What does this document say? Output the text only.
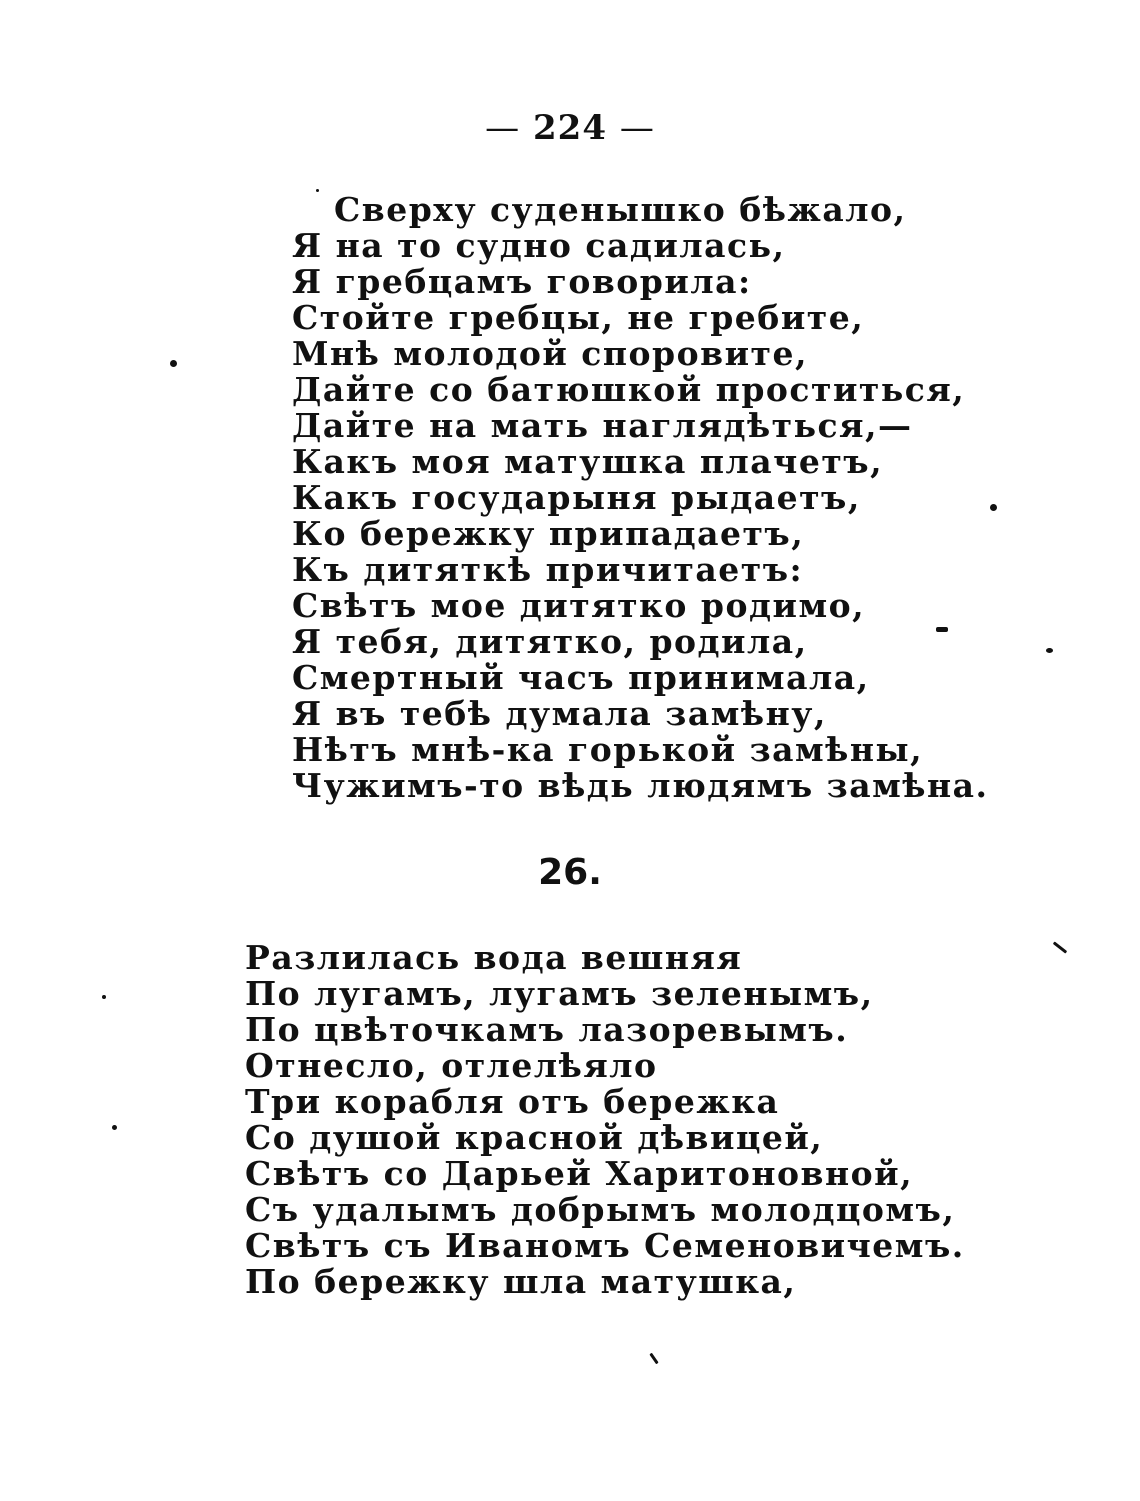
— 224 —
Сверху суденышко бѣжало,
Я на то судно садилась,
Я гребцамъ говорила:
Стойте гребцы, не гребите,
Мнѣ молодой споровите,
Дайте со батюшкой проститься,
Дайте на мать наглядѣться,—
Какъ моя матушка плачетъ,
Какъ государыня рыдаетъ,
Ко бережку припадаетъ,
Къ дитяткѣ причитаетъ:
Свѣтъ мое дитятко родимо,
Я тебя, дитятко, родила,
Смертный часъ принимала,
Я въ тебѣ думала замѣну,
Нѣтъ мнѣ-ка горькой замѣны,
Чужимъ-то вѣдь людямъ замѣна.
26.
Разлилась вода вешняя
По лугамъ, лугамъ зеленымъ,
По цвѣточкамъ лазоревымъ.
Отнесло, отлелѣяло
Три корабля отъ бережка
Со душой красной дѣвицей,
Свѣтъ со Дарьей Харитоновной,
Съ удалымъ добрымъ молодцомъ,
Свѣтъ съ Иваномъ Семеновичемъ.
По бережку шла матушка,
